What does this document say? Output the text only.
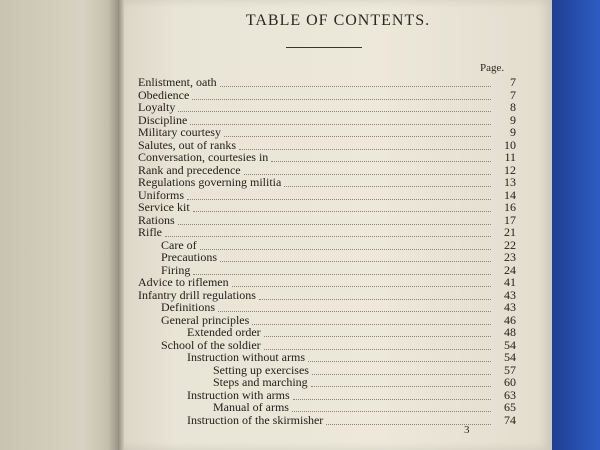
TABLE OF CONTENTS.
Page.
Enlistment, oath	7
Obedience	7
Loyalty	8
Discipline	9
Military courtesy	9
Salutes, out of ranks	10
Conversation, courtesies in	11
Rank and precedence	12
Regulations governing militia	13
Uniforms	14
Service kit	16
Rations	17
Rifle	21
Care of	22
Precautions	23
Firing	24
Advice to riflemen	41
Infantry drill regulations	43
Definitions	43
General principles	46
Extended order	48
School of the soldier	54
Instruction without arms	54
Setting up exercises	57
Steps and marching	60
Instruction with arms	63
Manual of arms	65
Instruction of the skirmisher	74
3
